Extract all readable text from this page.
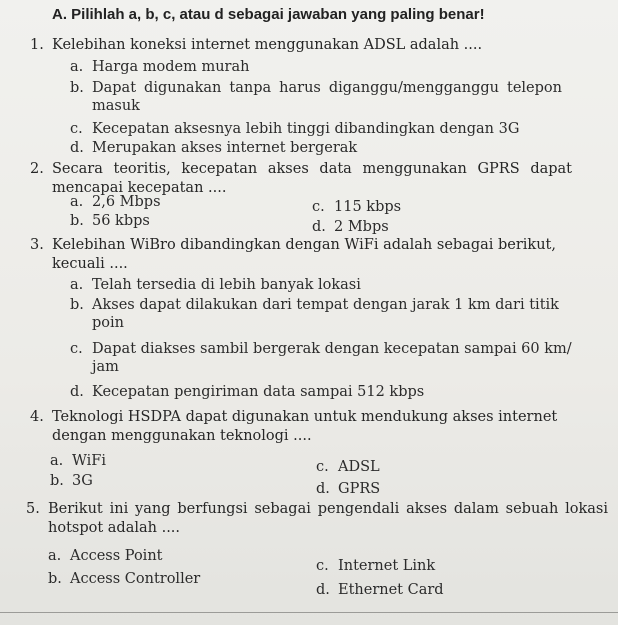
A. Pilihlah a, b, c, atau d sebagai jawaban yang paling benar!
1. Kelebihan koneksi internet menggunakan ADSL adalah ....
a. Harga modem murah
b. Dapat digunakan tanpa harus diganggu/mengganggu telepon masuk
c. Kecepatan aksesnya lebih tinggi dibandingkan dengan 3G
d. Merupakan akses internet bergerak
2. Secara teoritis, kecepatan akses data menggunakan GPRS dapat mencapai kecepatan ....
a. 2,6 Mbps
b. 56 kbps
c. 115 kbps
d. 2 Mbps
3. Kelebihan WiBro dibandingkan dengan WiFi adalah sebagai berikut, kecuali ....
a. Telah tersedia di lebih banyak lokasi
b. Akses dapat dilakukan dari tempat dengan jarak 1 km dari titik poin
c. Dapat diakses sambil bergerak dengan kecepatan sampai 60 km/ jam
d. Kecepatan pengiriman data sampai 512 kbps
4. Teknologi HSDPA dapat digunakan untuk mendukung akses internet dengan menggunakan teknologi ....
a. WiFi
b. 3G
c. ADSL
d. GPRS
5. Berikut ini yang berfungsi sebagai pengendali akses dalam sebuah lokasi hotspot adalah ....
a. Access Point
b. Access Controller
c. Internet Link
d. Ethernet Card
